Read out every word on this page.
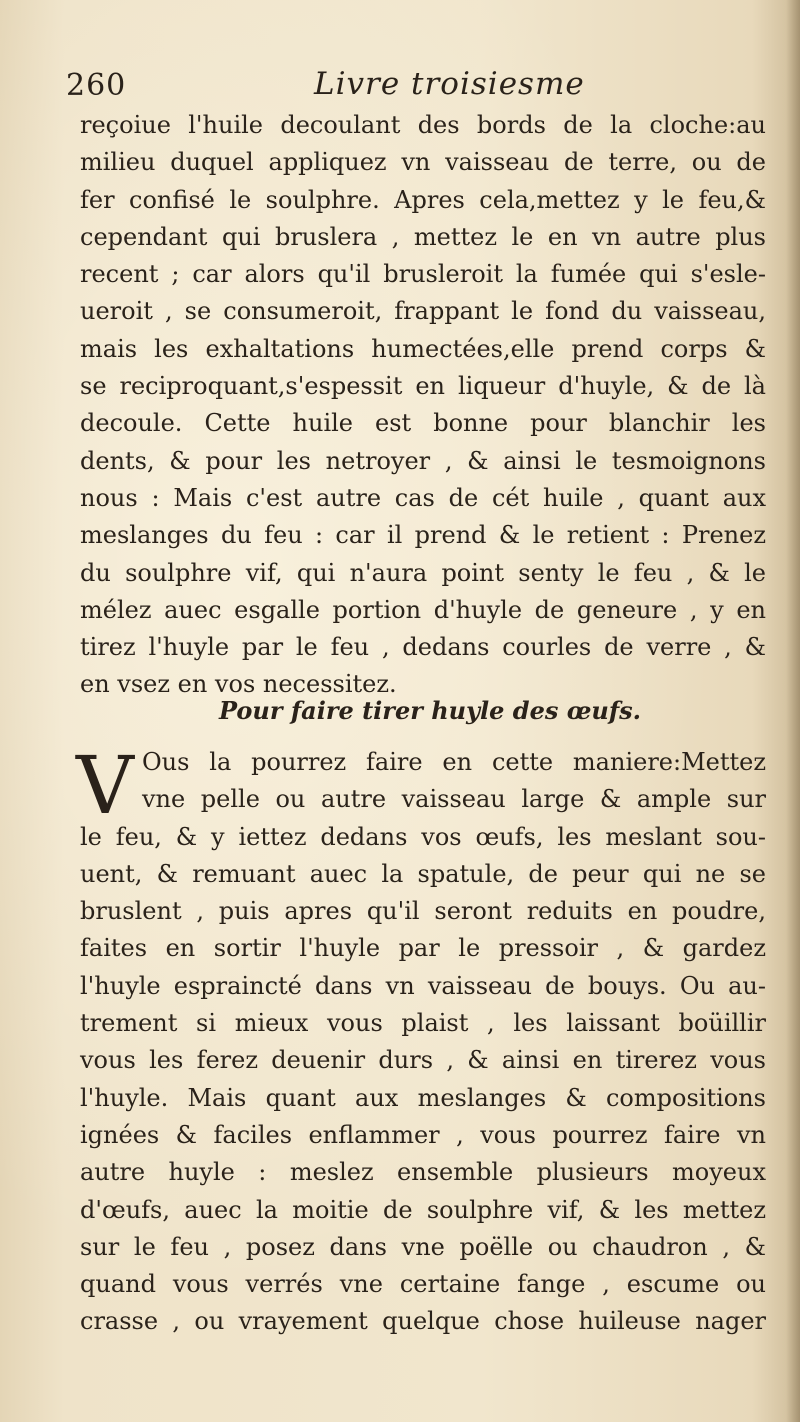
260	Livre troisiesme
reçoiue l'huile decoulant des bords de la cloche:au
milieu duquel appliquez vn vaisseau de terre, ou de
fer confisé le soulphre. Apres cela,mettez y le feu,&
cependant qui bruslera , mettez le en vn autre plus
recent ; car alors qu'il brusleroit la fumée qui s'esle-
ueroit , se consumeroit, frappant le fond du vaisseau,
mais les exhaltations humectées,elle prend corps &
se reciproquant,s'espessit en liqueur d'huyle, & de là
decoule. Cette huile est bonne pour blanchir les
dents, & pour les netroyer , & ainsi le tesmoignons
nous : Mais c'est autre cas de cét huile , quant aux
meslanges du feu : car il prend & le retient : Prenez
du soulphre vif, qui n'aura point senty le feu , & le
mélez auec esgalle portion d'huyle de geneure , y en
tirez l'huyle par le feu , dedans courles de verre , &
en vsez en vos necessitez.
Pour faire tirer huyle des œufs.
V Ous la pourrez faire en cette maniere:Mettez
vne pelle ou autre vaisseau large & ample sur
le feu, & y iettez dedans vos œufs, les meslant sou-
uent, & remuant auec la spatule, de peur qui ne se
bruslent , puis apres qu'il seront reduits en poudre,
faites en sortir l'huyle par le pressoir , & gardez
l'huyle espraincté dans vn vaisseau de bouys. Ou au-
trement si mieux vous plaist , les laissant boüillir
vous les ferez deuenir durs , & ainsi en tirerez vous
l'huyle. Mais quant aux meslanges & compositions
ignées & faciles enflammer , vous pourrez faire vn
autre huyle : meslez ensemble plusieurs moyeux
d'œufs, auec la moitie de soulphre vif, & les mettez
sur le feu , posez dans vne poëlle ou chaudron , &
quand vous verrés vne certaine fange , escume ou
crasse , ou vrayement quelque chose huileuse nager
